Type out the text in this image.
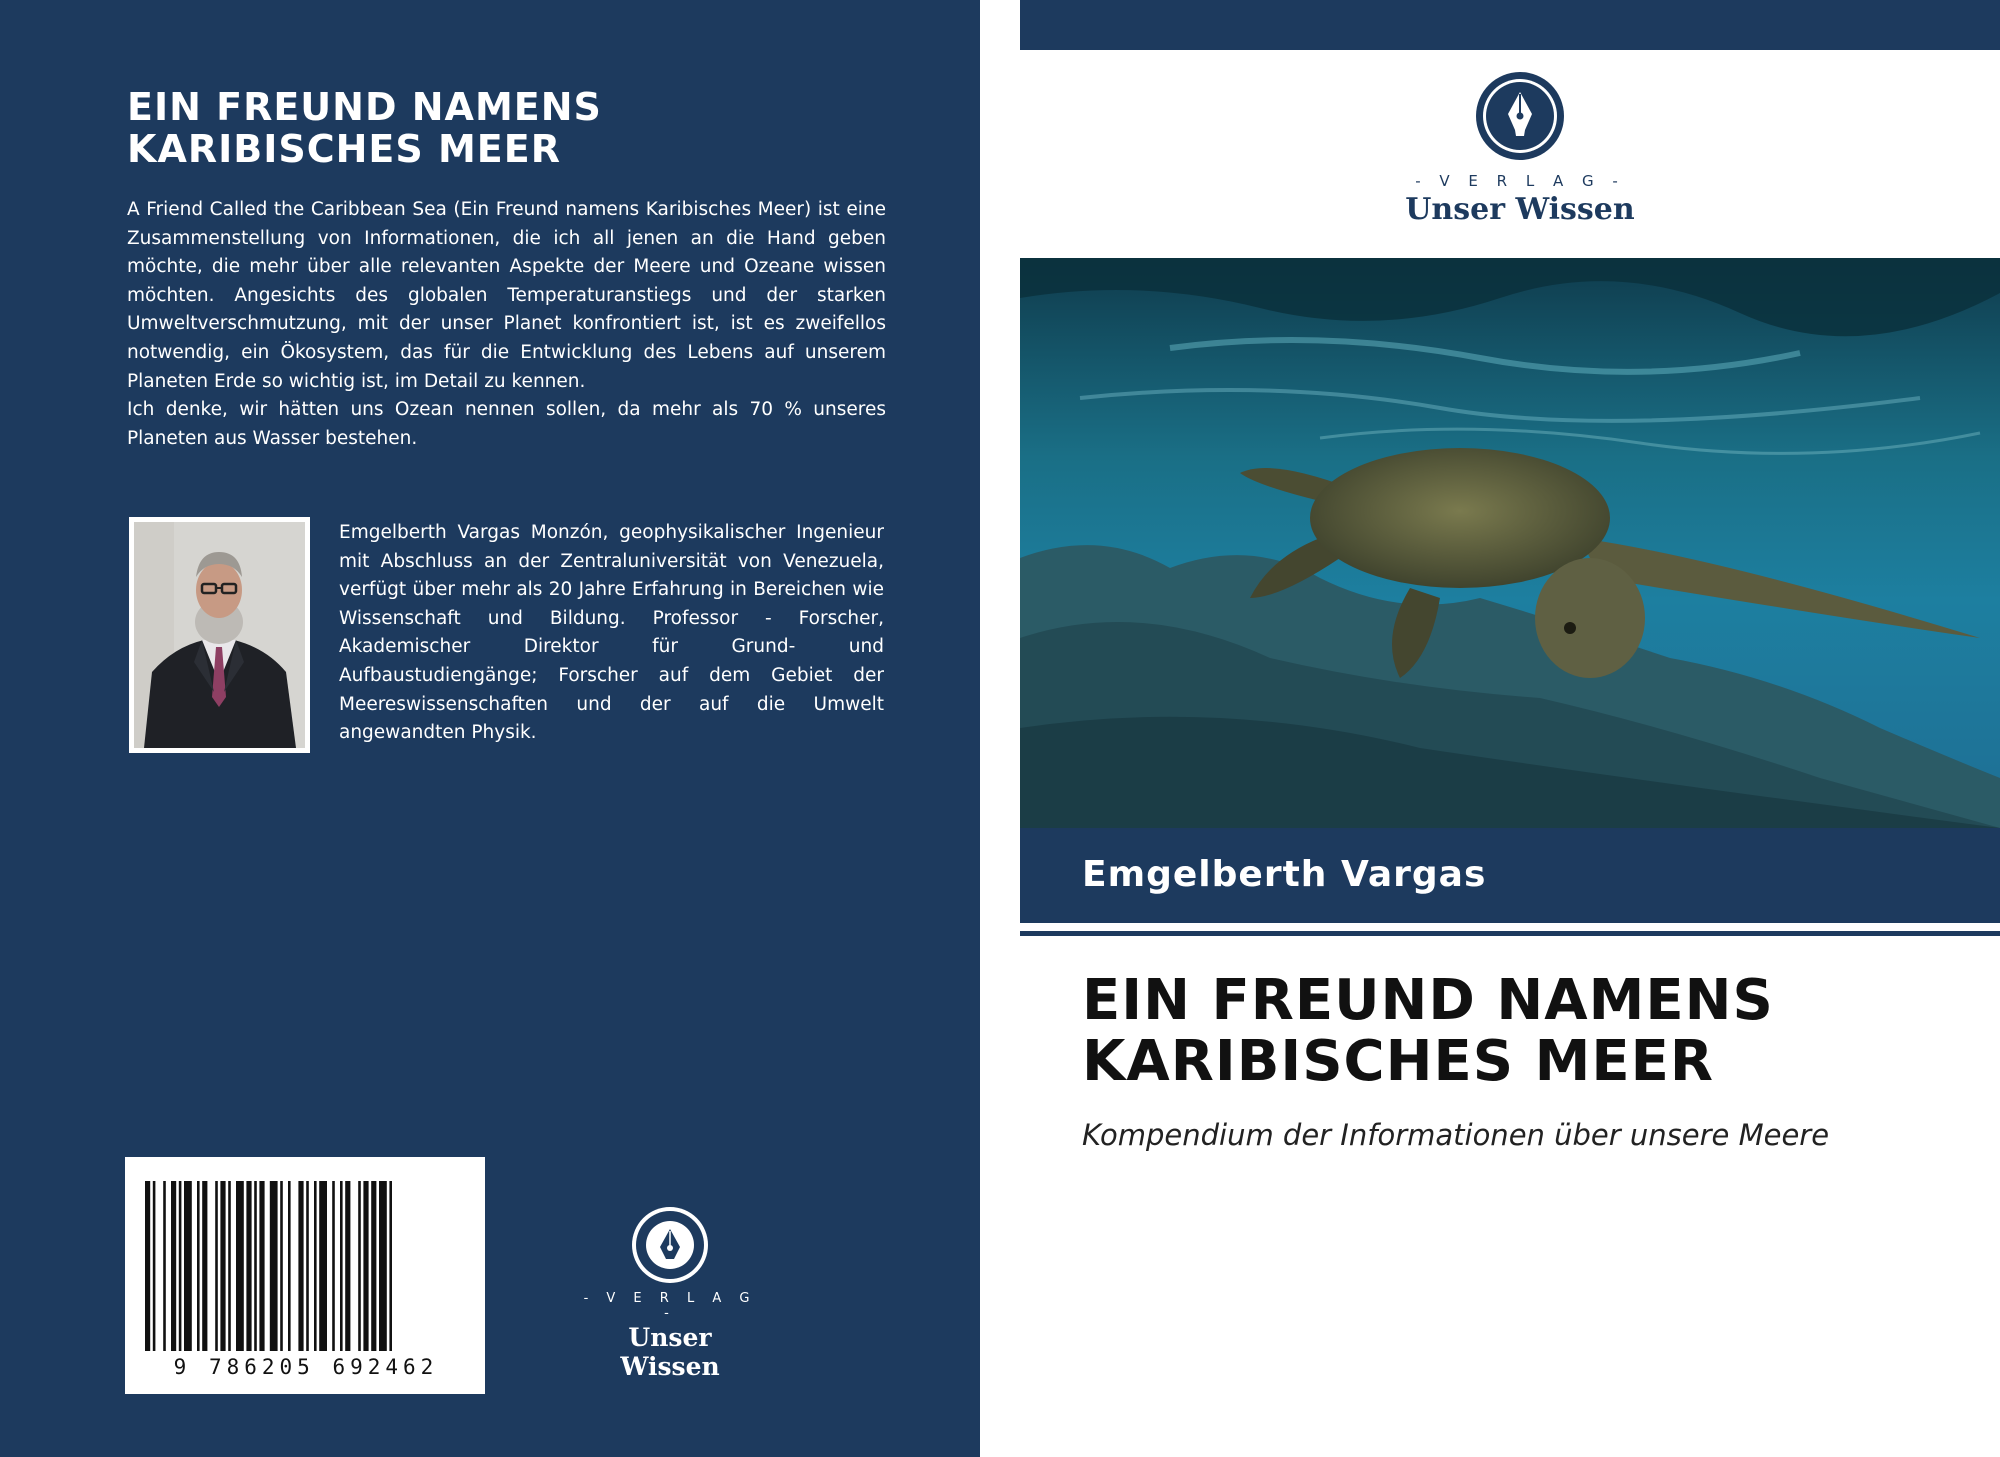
EIN FREUND NAMENS
KARIBISCHES MEER

A Friend Called the Caribbean Sea (Ein Freund namens Karibisches Meer) ist eine Zusammenstellung von Informationen, die ich all jenen an die Hand geben möchte, die mehr über alle relevanten Aspekte der Meere und Ozeane wissen möchten. Angesichts des globalen Temperaturanstiegs und der starken Umweltverschmutzung, mit der unser Planet konfrontiert ist, ist es zweifellos notwendig, ein Ökosystem, das für die Entwicklung des Lebens auf unserem Planeten Erde so wichtig ist, im Detail zu kennen.

Ich denke, wir hätten uns Ozean nennen sollen, da mehr als 70 % unseres Planeten aus Wasser bestehen.

Emgelberth Vargas Monzón, geophysikalischer Ingenieur mit Abschluss an der Zentraluniversität von Venezuela, verfügt über mehr als 20 Jahre Erfahrung in Bereichen wie Wissenschaft und Bildung. Professor - Forscher, Akademischer Direktor für Grund- und Aufbaustudiengänge; Forscher auf dem Gebiet der Meereswissenschaften und der auf die Umwelt angewandten Physik.

9 786205 692462
- V E R L A G -
Unser Wissen
- V E R L A G -
Unser Wissen
Emgelberth Vargas
EIN FREUND NAMENS
KARIBISCHES MEER
Kompendium der Informationen über unsere Meere
